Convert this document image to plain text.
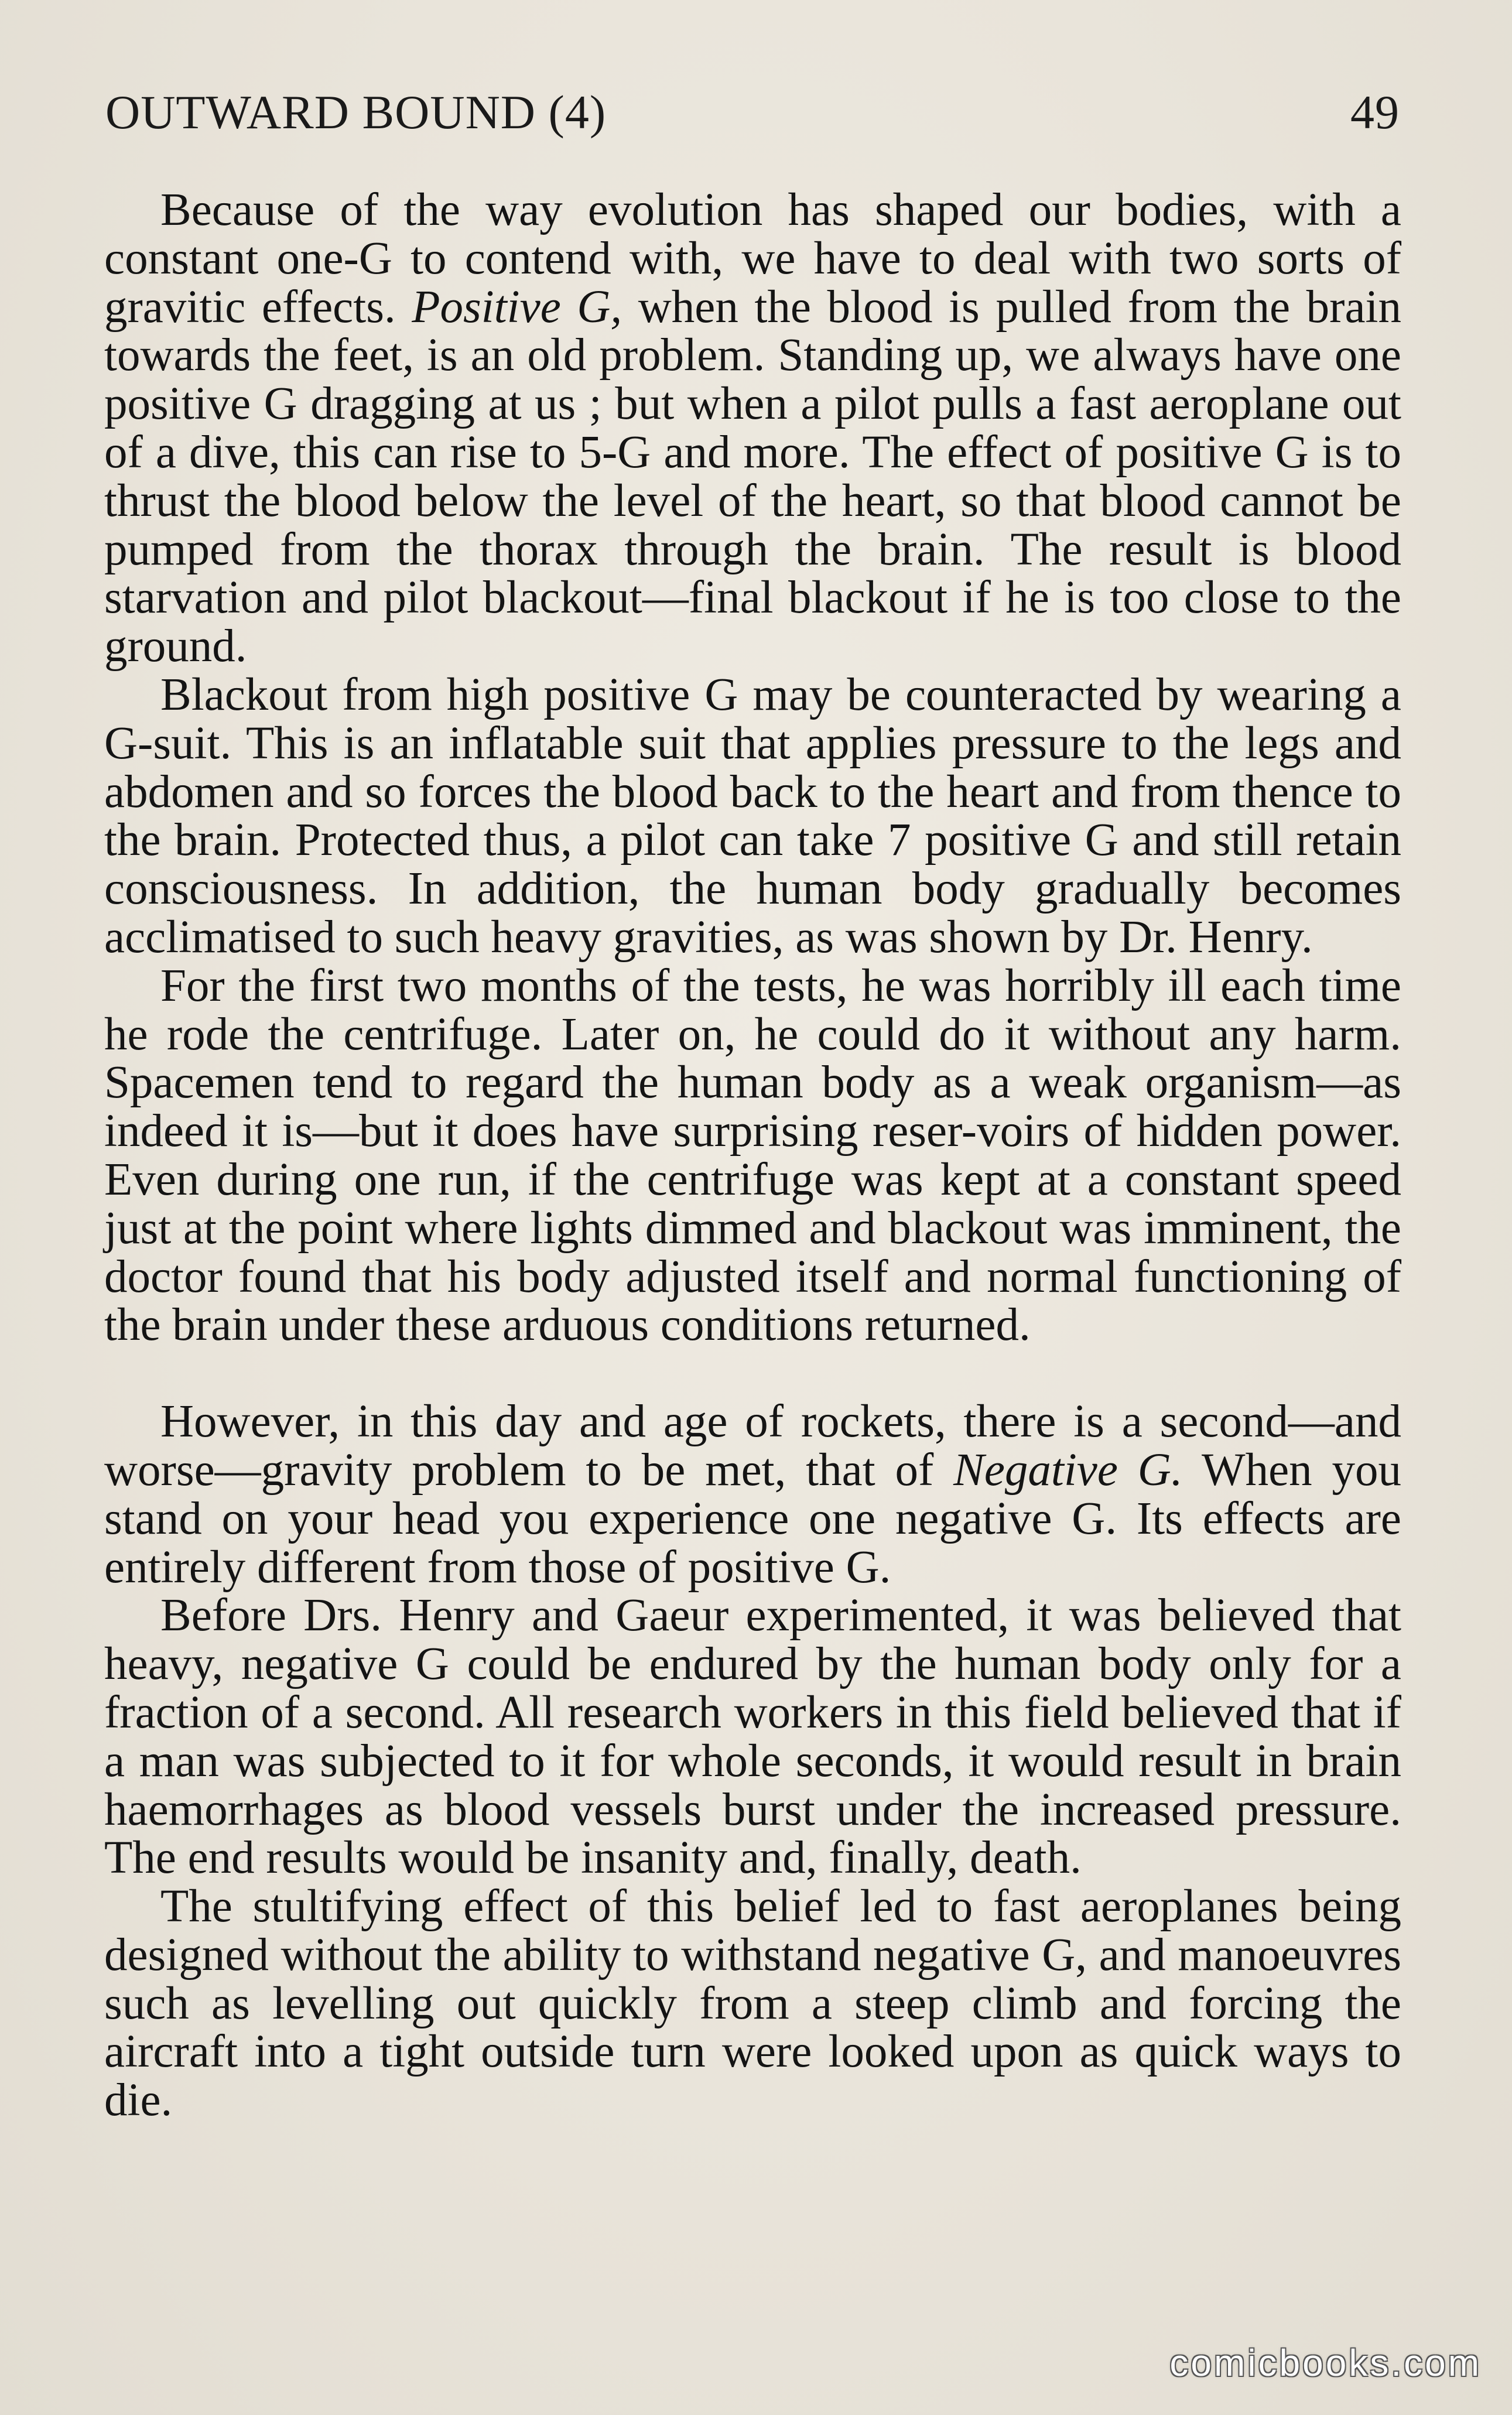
OUTWARD BOUND (4)	49

Because of the way evolution has shaped our bodies, with a constant one-G to contend with, we have to deal with two sorts of gravitic effects. Positive G, when the blood is pulled from the brain towards the feet, is an old problem. Standing up, we always have one positive G dragging at us ; but when a pilot pulls a fast aeroplane out of a dive, this can rise to 5-G and more. The effect of positive G is to thrust the blood below the level of the heart, so that blood cannot be pumped from the thorax through the brain. The result is blood starvation and pilot blackout—final blackout if he is too close to the ground.

Blackout from high positive G may be counteracted by wearing a G-suit. This is an inflatable suit that applies pressure to the legs and abdomen and so forces the blood back to the heart and from thence to the brain. Protected thus, a pilot can take 7 positive G and still retain consciousness. In addition, the human body gradually becomes acclimatised to such heavy gravities, as was shown by Dr. Henry.

For the first two months of the tests, he was horribly ill each time he rode the centrifuge. Later on, he could do it without any harm. Spacemen tend to regard the human body as a weak organism—as indeed it is—but it does have surprising reser-voirs of hidden power. Even during one run, if the centrifuge was kept at a constant speed just at the point where lights dimmed and blackout was imminent, the doctor found that his body adjusted itself and normal functioning of the brain under these arduous conditions returned.

However, in this day and age of rockets, there is a second—and worse—gravity problem to be met, that of Negative G. When you stand on your head you experience one negative G. Its effects are entirely different from those of positive G.

Before Drs. Henry and Gaeur experimented, it was believed that heavy, negative G could be endured by the human body only for a fraction of a second. All research workers in this field believed that if a man was subjected to it for whole seconds, it would result in brain haemorrhages as blood vessels burst under the increased pressure. The end results would be insanity and, finally, death.

The stultifying effect of this belief led to fast aeroplanes being designed without the ability to withstand negative G, and manoeuvres such as levelling out quickly from a steep climb and forcing the aircraft into a tight outside turn were looked upon as quick ways to die.

comicbooks.com
